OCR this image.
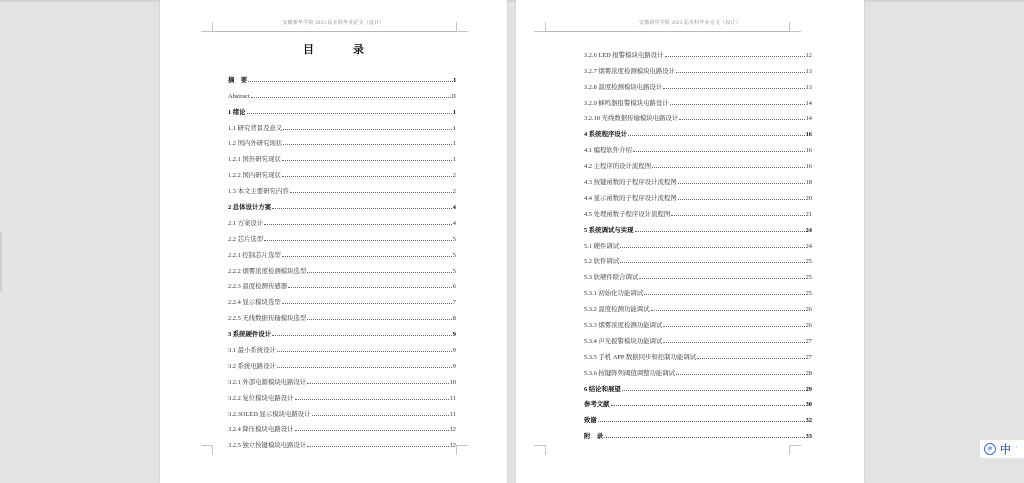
安徽新华学院 2023 届本科毕业论文（设计）
目　录
摘　要	I
Abstract	II
1 绪论	1
1.1 研究背景及意义	1
1.2 国内外研究现状	1
1.2.1 国外研究现状	1
1.2.2 国内研究现状	2
1.3 本文主要研究内容	2
2 总体设计方案	4
2.1 方案设计	4
2.2 芯片选型	5
2.2.1 控制芯片选型	5
2.2.2 烟雾浓度检测模块选型	5
2.2.3 温度检测传感器	6
2.2.4 显示模块选型	7
2.2.5 无线数据传输模块选型	8
3 系统硬件设计	9
3.1 最小系统设计	9
3.2 系统电路设计	9
3.2.1 外部电源模块电路设计	10
3.2.2 复位模块电路设计	11
3.2.3OLED 显示模块电路设计	11
3.2.4 降压模块电路设计	12
3.2.5 独立按键模块电路设计	12
安徽新华学院 2023 届本科毕业论文（设计）
3.2.6 LED 报警模块电路设计	12
3.2.7 烟雾浓度检测模块电路设计	13
3.2.8 温度检测模块电路设计	13
3.2.9 蜂鸣器报警模块电路设计	14
3.2.10 无线数据传输模块电路设计	14
4 系统程序设计	16
4.1 编程软件介绍	16
4.2 主程序的设计流程图	16
4.3 按键函数的子程序设计流程图	18
4.4 显示函数的子程序设计流程图	20
4.5 处理函数子程序设计流程图	21
5 系统调试与实现	24
5.1 硬件调试	24
5.2 软件调试	25
5.3 软硬件联合调试	25
5.3.1 初始化功能调试	25
5.3.2 温度检测功能调试	26
5.3.3 烟雾浓度检测功能调试	26
5.3.4 声光报警模块功能调试	27
5.3.5 手机 APP 数据同步和控制功能调试	27
5.3.6 按键阵列阈值调整功能调试	28
6 结论和展望	29
参考文献	30
致谢	32
附　录	33
拼 中 ˙
